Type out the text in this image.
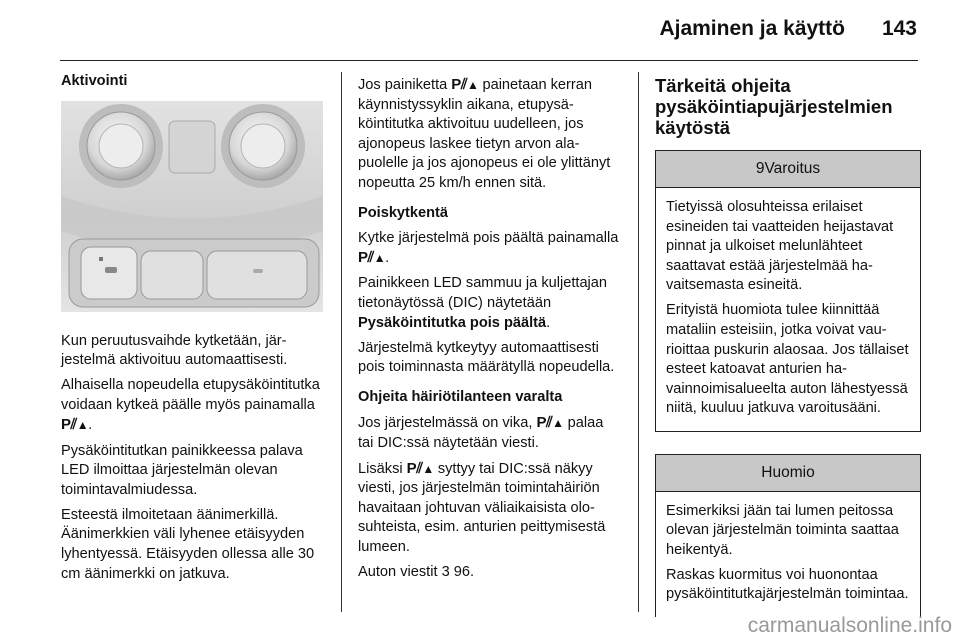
Ajaminen ja käyttö 143

Aktivointi

Kun peruutusvaihde kytketään, järjestelmä aktivoituu automaattisesti.

Alhaisella nopeudella etupysäköintitutka voidaan kytkeä päälle myös painamalla P⫽▲.

Pysäköintitutkan painikkeessa palava LED ilmoittaa järjestelmän olevan toimintavalmiudessa.

Esteestä ilmoitetaan äänimerkillä. Äänimerkkien väli lyhenee etäisyyden lyhentyessä. Etäisyyden ollessa alle 30 cm äänimerkki on jatkuva.

Jos painiketta P⫽▲ painetaan kerran käynnistyssyklin aikana, etupysäköintitutka aktivoituu uudelleen, jos ajonopeus laskee tietyn arvon alapuolelle ja jos ajonopeus ei ole ylittänyt nopeutta 25 km/h ennen sitä.

Poiskytkentä

Kytke järjestelmä pois päältä painamalla P⫽▲.

Painikkeen LED sammuu ja kuljettajan tietonäytössä (DIC) näytetään Pysäköintitutka pois päältä.

Järjestelmä kytkeytyy automaattisesti pois toiminnasta määrätyllä nopeudella.

Ohjeita häiriötilanteen varalta

Jos järjestelmässä on vika, P⫽▲ palaa tai DIC:ssä näytetään viesti.

Lisäksi P⫽▲ syttyy tai DIC:ssä näkyy viesti, jos järjestelmän toimintahäiriön havaitaan johtuvan väliaikaisista olosuhteista, esim. anturien peittymisestä lumeen.

Auton viestit 3 96.

Tärkeitä ohjeita
pysäköintiapujärjestelmien
käytöstä
9Varoitus

Tietyissä olosuhteissa erilaiset esineiden tai vaatteiden heijastavat pinnat ja ulkoiset melunlähteet saattavat estää järjestelmää havaitsemasta esineitä.

Erityistä huomiota tulee kiinnittää mataliin esteisiin, jotka voivat vaurioittaa puskurin alaosaa. Jos tällaiset esteet katoavat anturien havainnoimisalueelta auton lähestyessä niitä, kuuluu jatkuva varoitusääni.

Huomio

Esimerkiksi jään tai lumen peitossa olevan järjestelmän toiminta saattaa heikentyä.

Raskas kuormitus voi huonontaa pysäköintitutkajärjestelmän toimintaa.

carmanualsonline.info
